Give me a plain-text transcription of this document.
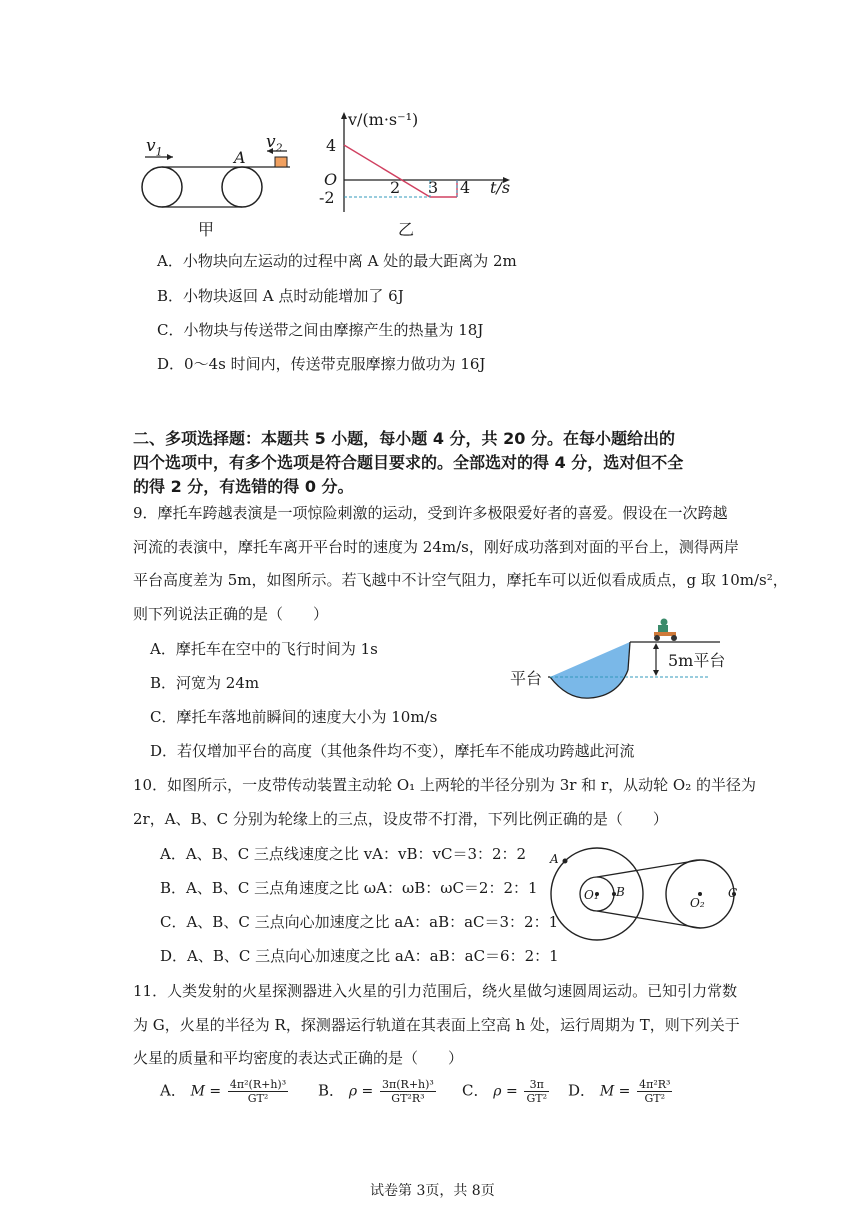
$v_1$	A
$v_2$
甲
v/(m·s⁻¹)
4
O
-2
2 3 4 t/s
乙
A．小物块向左运动的过程中离 A 处的最大距离为 2m
B．小物块返回 A 点时动能增加了 6J
C．小物块与传送带之间由摩擦产生的热量为 18J
D．0～4s 时间内，传送带克服摩擦力做功为 16J
二、多项选择题：本题共 5 小题，每小题 4 分，共 20 分。在每小题给出的
四个选项中，有多个选项是符合题目要求的。全部选对的得 4 分，选对但不全
的得 2 分，有选错的得 0 分。
9．摩托车跨越表演是一项惊险刺激的运动，受到许多极限爱好者的喜爱。假设在一次跨越
河流的表演中，摩托车离开平台时的速度为 24m/s，刚好成功落到对面的平台上，测得两岸
平台高度差为 5m，如图所示。若飞越中不计空气阻力，摩托车可以近似看成质点，g 取 10m/s²，
则下列说法正确的是（　　）
A．摩托车在空中的飞行时间为 1s
B．河宽为 24m
C．摩托车落地前瞬间的速度大小为 10m/s
D．若仅增加平台的高度（其他条件均不变），摩托车不能成功跨越此河流
平台
5m平台
10．如图所示，一皮带传动装置主动轮 O₁ 上两轮的半径分别为 3r 和 r，从动轮 O₂ 的半径为
2r，A、B、C 分别为轮缘上的三点，设皮带不打滑，下列比例正确的是（　　）
A．A、B、C 三点线速度之比 vA：vB：vC＝3：2：2
B．A、B、C 三点角速度之比 ωA：ωB：ωC＝2：2：1
C．A、B、C 三点向心加速度之比 aA：aB：aC＝3：2：1
D．A、B、C 三点向心加速度之比 aA：aB：aC＝6：2：1
A
B	C
O₁
O₂
11．人类发射的火星探测器进入火星的引力范围后，绕火星做匀速圆周运动。已知引力常数
为 G，火星的半径为 R，探测器运行轨道在其表面上空高 h 处，运行周期为 T，则下列关于
火星的质量和平均密度的表达式正确的是（　　）
A． $M = \frac{\text{4π²(R+h)³}}{\text{GT²}}$ B． $\rho = \frac{\text{3π(R+h)³}}{\text{GT²R³}}$ C． $\rho = \frac{3\pi}{\text{GT²}}$ D． $M = \frac{\text{4π²R³}}{\text{GT²}}$
试卷第 3页，共 8页
